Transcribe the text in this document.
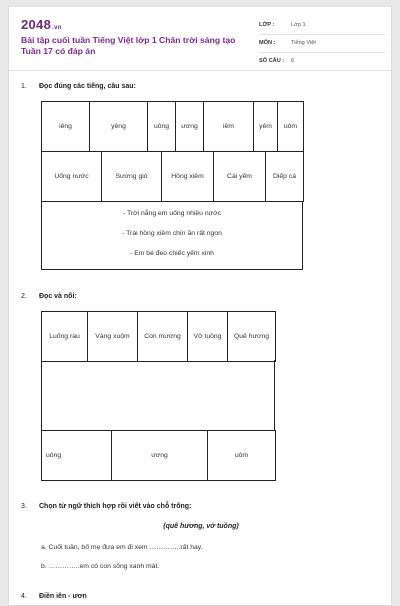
2048.vn
Bài tập cuối tuần Tiếng Việt lớp 1 Chân trời sáng tạo Tuần 17 có đáp án
LỚP :	Lớp 1
MÔN :	Tiếng Việt
SỐ CÂU : 6
1. Đọc đúng các tiếng, câu sau:
iêng	yêng	uông	ương	iêm	yêm	uôm
Uống nước	Sương gió	Hồng xiêm	Cái yếm	Diếp cá
- Trời nắng em uống nhiều nước
- Trái hồng xiêm chín ăn rất ngon
- Em bé đeo chiếc yếm xinh
2. Đọc và nối:
Luống rau	Vàng xuộm	Con mương	Vở tuồng	Quê hương
uông	ương	uôm
3. Chọn từ ngữ thích hợp rồi viết vào chỗ trống:
(quê hương, vở tuồng)
a. Cuối tuần, bố mẹ đưa em đi xem …………..rất hay.
b. …………..em có con sông xanh mát.
4. Điền iên - ươn
